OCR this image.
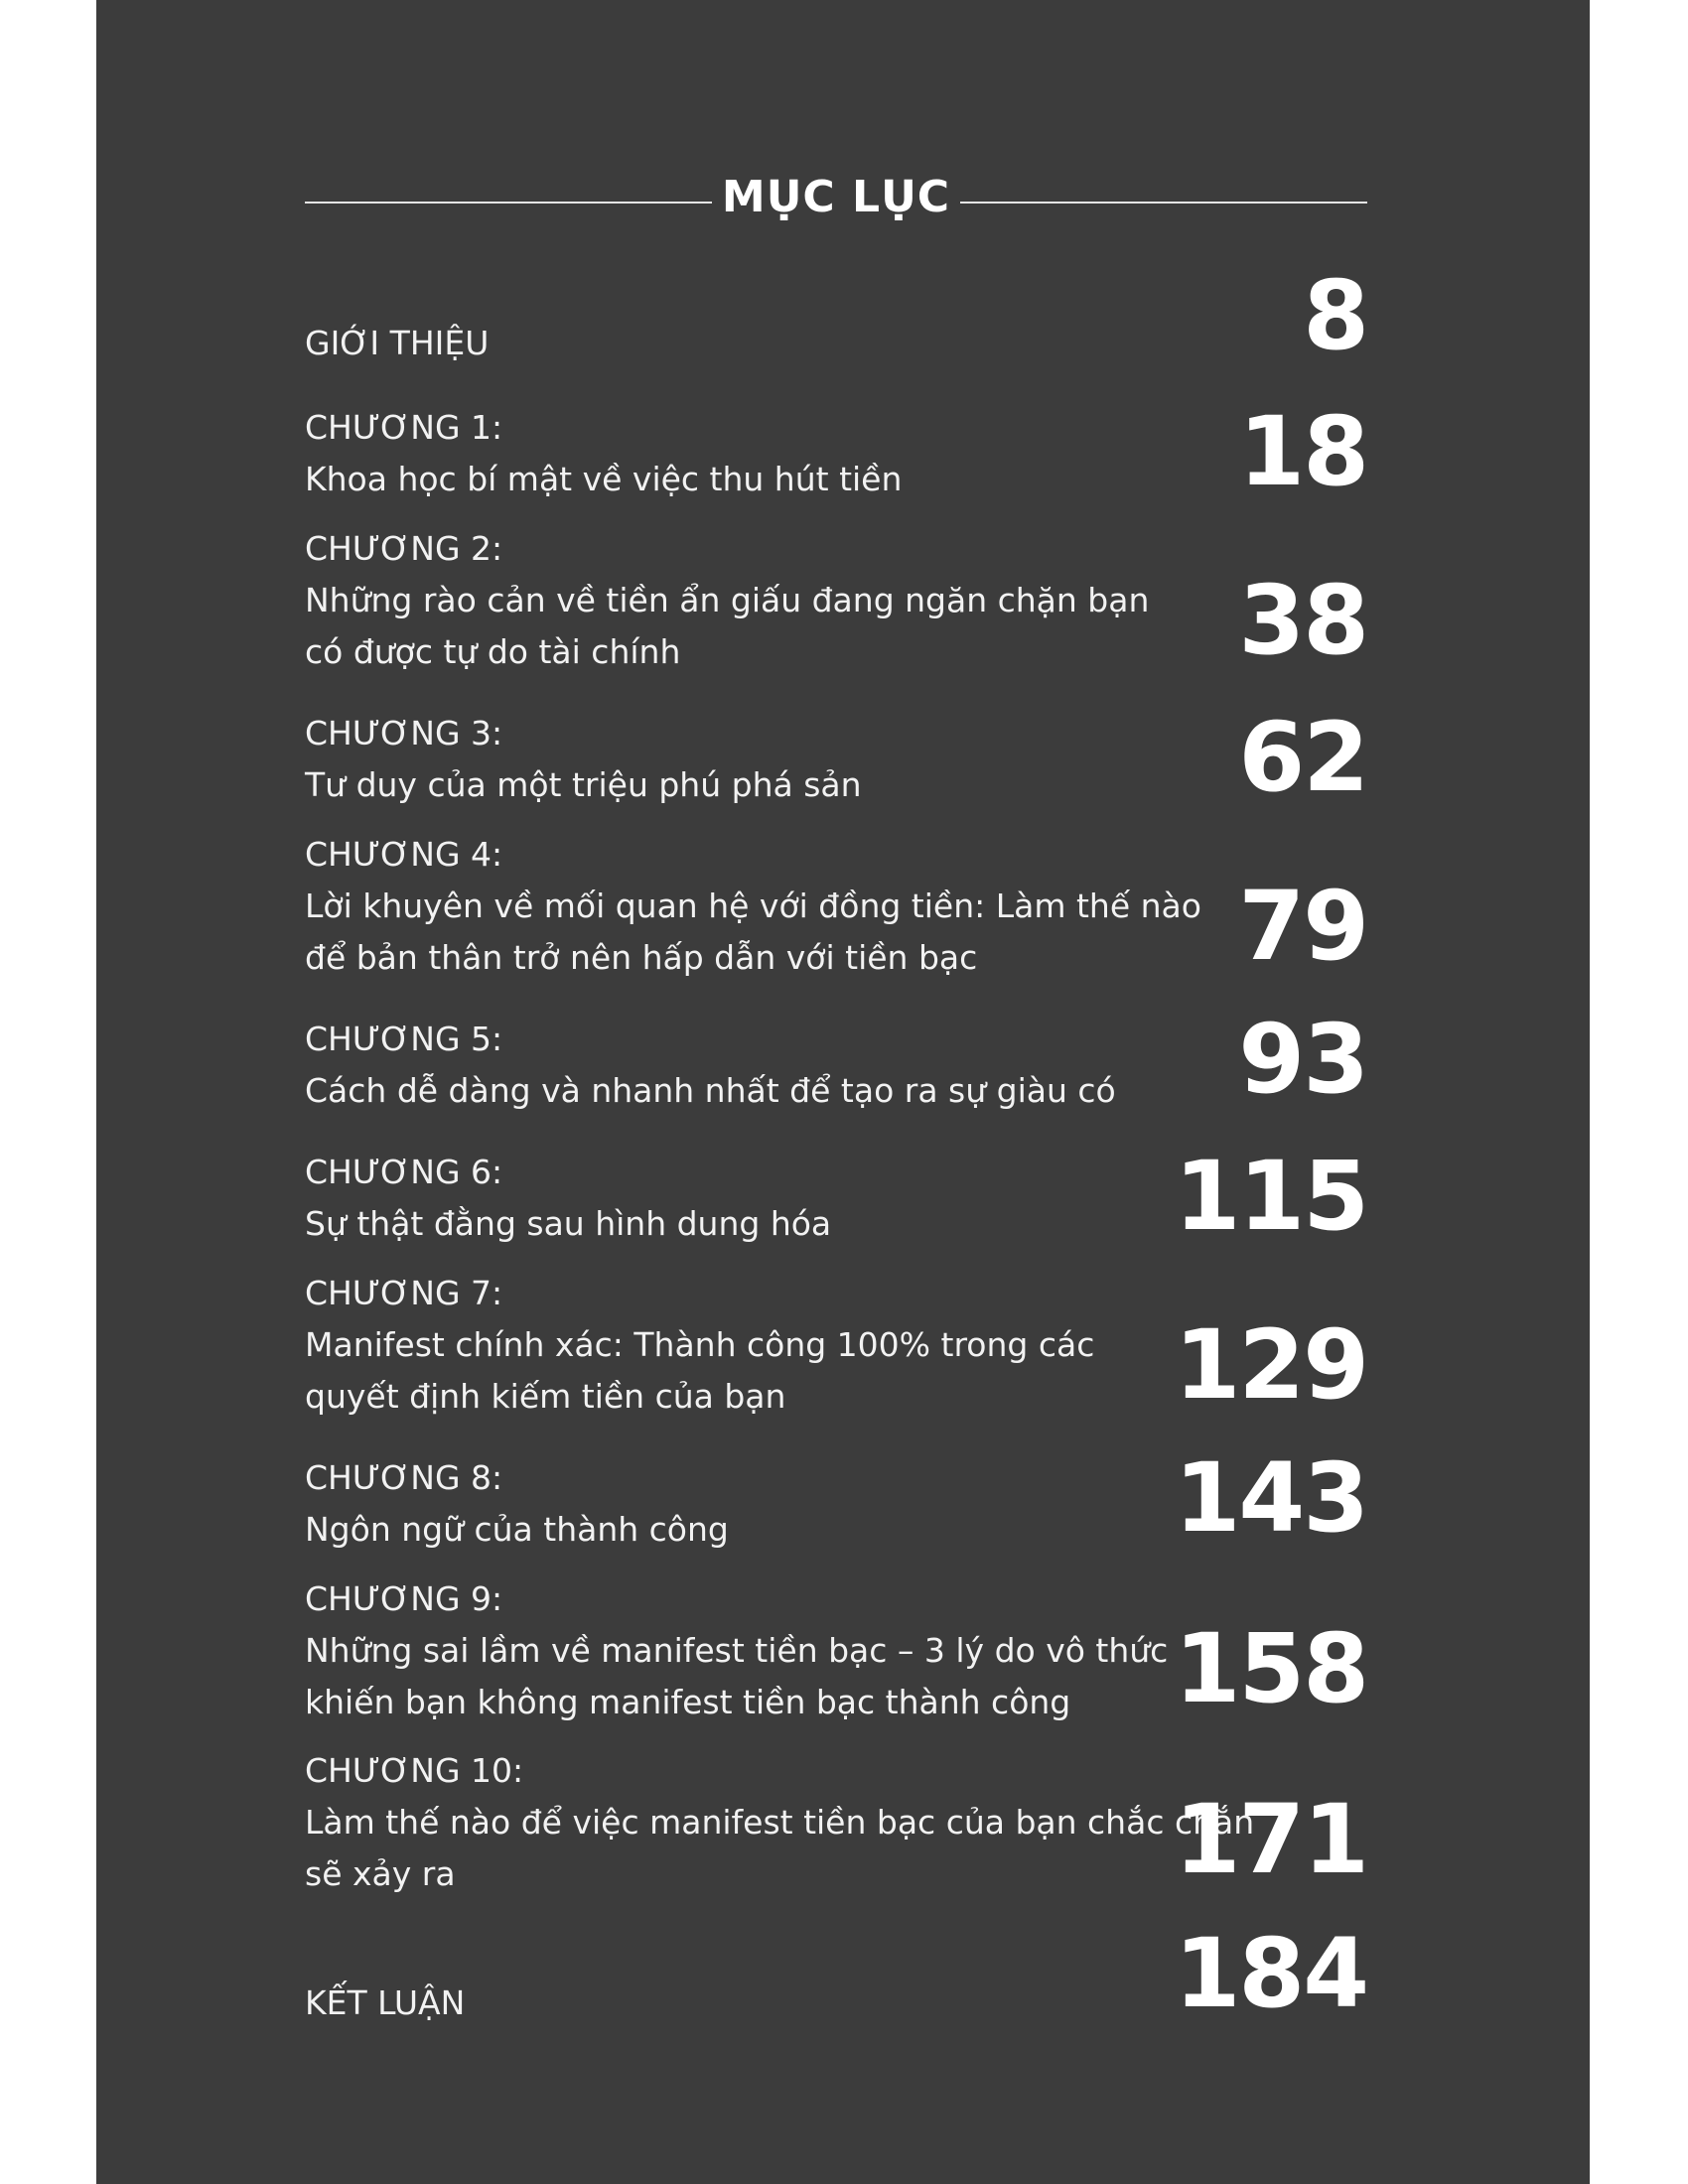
MỤC LỤC
GIỚI THIỆU	8
CHƯƠNG 1:
Khoa học bí mật về việc thu hút tiền	18
CHƯƠNG 2:
Những rào cản về tiền ẩn giấu đang ngăn chặn bạn
có được tự do tài chính	38
CHƯƠNG 3:
Tư duy của một triệu phú phá sản	62
CHƯƠNG 4:
Lời khuyên về mối quan hệ với đồng tiền: Làm thế nào
để bản thân trở nên hấp dẫn với tiền bạc	79
CHƯƠNG 5:
Cách dễ dàng và nhanh nhất để tạo ra sự giàu có	93
CHƯƠNG 6:
Sự thật đằng sau hình dung hóa	115
CHƯƠNG 7:
Manifest chính xác: Thành công 100% trong các
quyết định kiếm tiền của bạn	129
CHƯƠNG 8:
Ngôn ngữ của thành công	143
CHƯƠNG 9:
Những sai lầm về manifest tiền bạc – 3 lý do vô thức
khiến bạn không manifest tiền bạc thành công	158
CHƯƠNG 10:
Làm thế nào để việc manifest tiền bạc của bạn chắc chắn
sẽ xảy ra	171
KẾT LUẬN	184
